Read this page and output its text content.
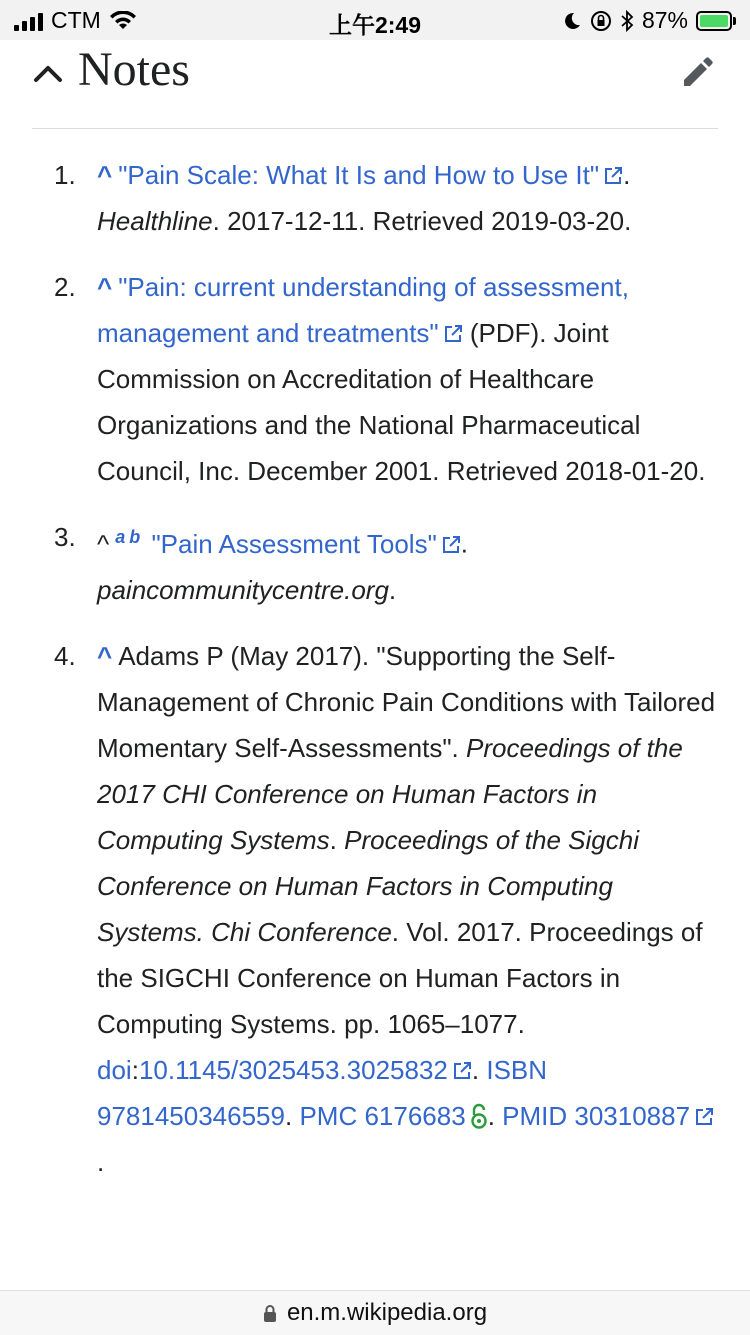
CTM	上午2:49	87%
Notes
1. ^ "Pain Scale: What It Is and How to Use It" . Healthline. 2017-12-11. Retrieved 2019-03-20.
2. ^ "Pain: current understanding of assessment, management and treatments" (PDF). Joint Commission on Accreditation of Healthcare Organizations and the National Pharmaceutical Council, Inc. December 2001. Retrieved 2018-01-20.
3. ^ $^a$ $^b$ "Pain Assessment Tools" . paincommunitycentre.org.
4. ^ Adams P (May 2017). "Supporting the Self-Management of Chronic Pain Conditions with Tailored Momentary Self-Assessments". Proceedings of the 2017 CHI Conference on Human Factors in Computing Systems. Proceedings of the Sigchi Conference on Human Factors in Computing Systems. Chi Conference. Vol. 2017. Proceedings of the SIGCHI Conference on Human Factors in Computing Systems. pp. 1065–1077. doi:10.1145/3025453.3025832 . ISBN 9781450346559. PMC 6176683 . PMID 30310887.
en.m.wikipedia.org
